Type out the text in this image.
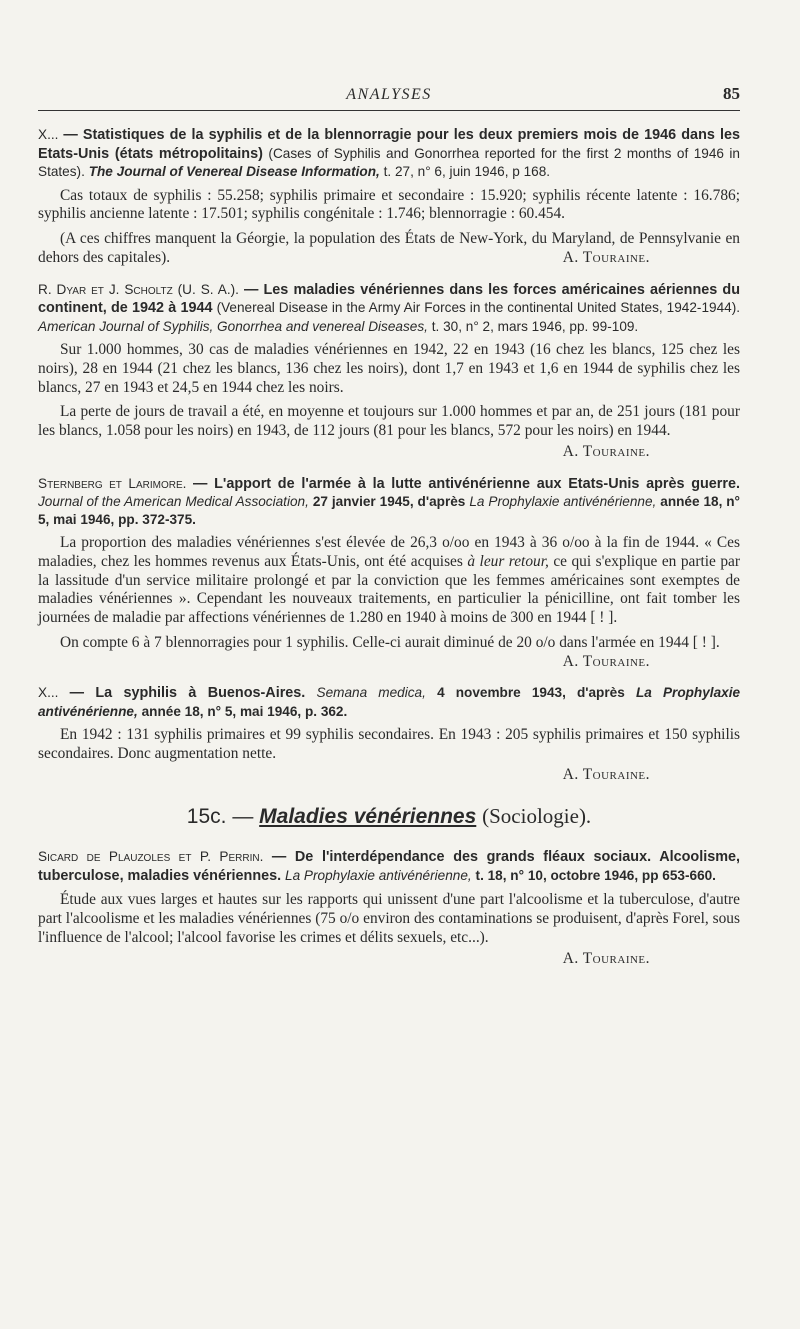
ANALYSES	85

X... — Statistiques de la syphilis et de la blennorragie pour les deux premiers mois de 1946 dans les Etats-Unis (états métropolitains) (Cases of Syphilis and Gonorrhea reported for the first 2 months of 1946 in States). The Journal of Venereal Disease Information, t. 27, n° 6, juin 1946, p 168.

Cas totaux de syphilis : 55.258; syphilis primaire et secondaire : 15.920; syphilis récente latente : 16.786; syphilis ancienne latente : 17.501; syphilis congénitale : 1.746; blennorragie : 60.454.

(A ces chiffres manquent la Géorgie, la population des États de New-York, du Maryland, de Pennsylvanie en dehors des capitales).	A. Touraine.

R. Dyar et J. Scholtz (U. S. A.). — Les maladies vénériennes dans les forces américaines aériennes du continent, de 1942 à 1944 (Venereal Disease in the Army Air Forces in the continental United States, 1942-1944). American Journal of Syphilis, Gonorrhea and venereal Diseases, t. 30, n° 2, mars 1946, pp. 99-109.

Sur 1.000 hommes, 30 cas de maladies vénériennes en 1942, 22 en 1943 (16 chez les blancs, 125 chez les noirs), 28 en 1944 (21 chez les blancs, 136 chez les noirs), dont 1,7 en 1943 et 1,6 en 1944 de syphilis chez les blancs, 27 en 1943 et 24,5 en 1944 chez les noirs.

La perte de jours de travail a été, en moyenne et toujours sur 1.000 hommes et par an, de 251 jours (181 pour les blancs, 1.058 pour les noirs) en 1943, de 112 jours (81 pour les blancs, 572 pour les noirs) en 1944.

A. Touraine.

Sternberg et Larimore. — L'apport de l'armée à la lutte antivénérienne aux Etats-Unis après guerre. Journal of the American Medical Association, 27 janvier 1945, d'après La Prophylaxie antivénérienne, année 18, n° 5, mai 1946, pp. 372-375.

La proportion des maladies vénériennes s'est élevée de 26,3 o/oo en 1943 à 36 o/oo à la fin de 1944. « Ces maladies, chez les hommes revenus aux États-Unis, ont été acquises à leur retour, ce qui s'explique en partie par la lassitude d'un service militaire prolongé et par la conviction que les femmes américaines sont exemptes de maladies vénériennes ». Cependant les nouveaux traitements, en particulier la pénicilline, ont fait tomber les journées de maladie par affections vénériennes de 1.280 en 1940 à moins de 300 en 1944 [ ! ].

On compte 6 à 7 blennorragies pour 1 syphilis. Celle-ci aurait diminué de 20 o/o dans l'armée en 1944 [ ! ].
A. Touraine.

X... — La syphilis à Buenos-Aires. Semana medica, 4 novembre 1943, d'après La Prophylaxie antivénérienne, année 18, n° 5, mai 1946, p. 362.

En 1942 : 131 syphilis primaires et 99 syphilis secondaires. En 1943 : 205 syphilis primaires et 150 syphilis secondaires. Donc augmentation nette.

A. Touraine.

15c. — Maladies vénériennes (Sociologie).

Sicard de Plauzoles et P. Perrin. — De l'interdépendance des grands fléaux sociaux. Alcoolisme, tuberculose, maladies vénériennes. La Prophylaxie antivénérienne, t. 18, n° 10, octobre 1946, pp 653-660.

Étude aux vues larges et hautes sur les rapports qui unissent d'une part l'alcoolisme et la tuberculose, d'autre part l'alcoolisme et les maladies vénériennes (75 o/o environ des contaminations se produisent, d'après Forel, sous l'influence de l'alcool; l'alcool favorise les crimes et délits sexuels, etc...).

A. Touraine.
